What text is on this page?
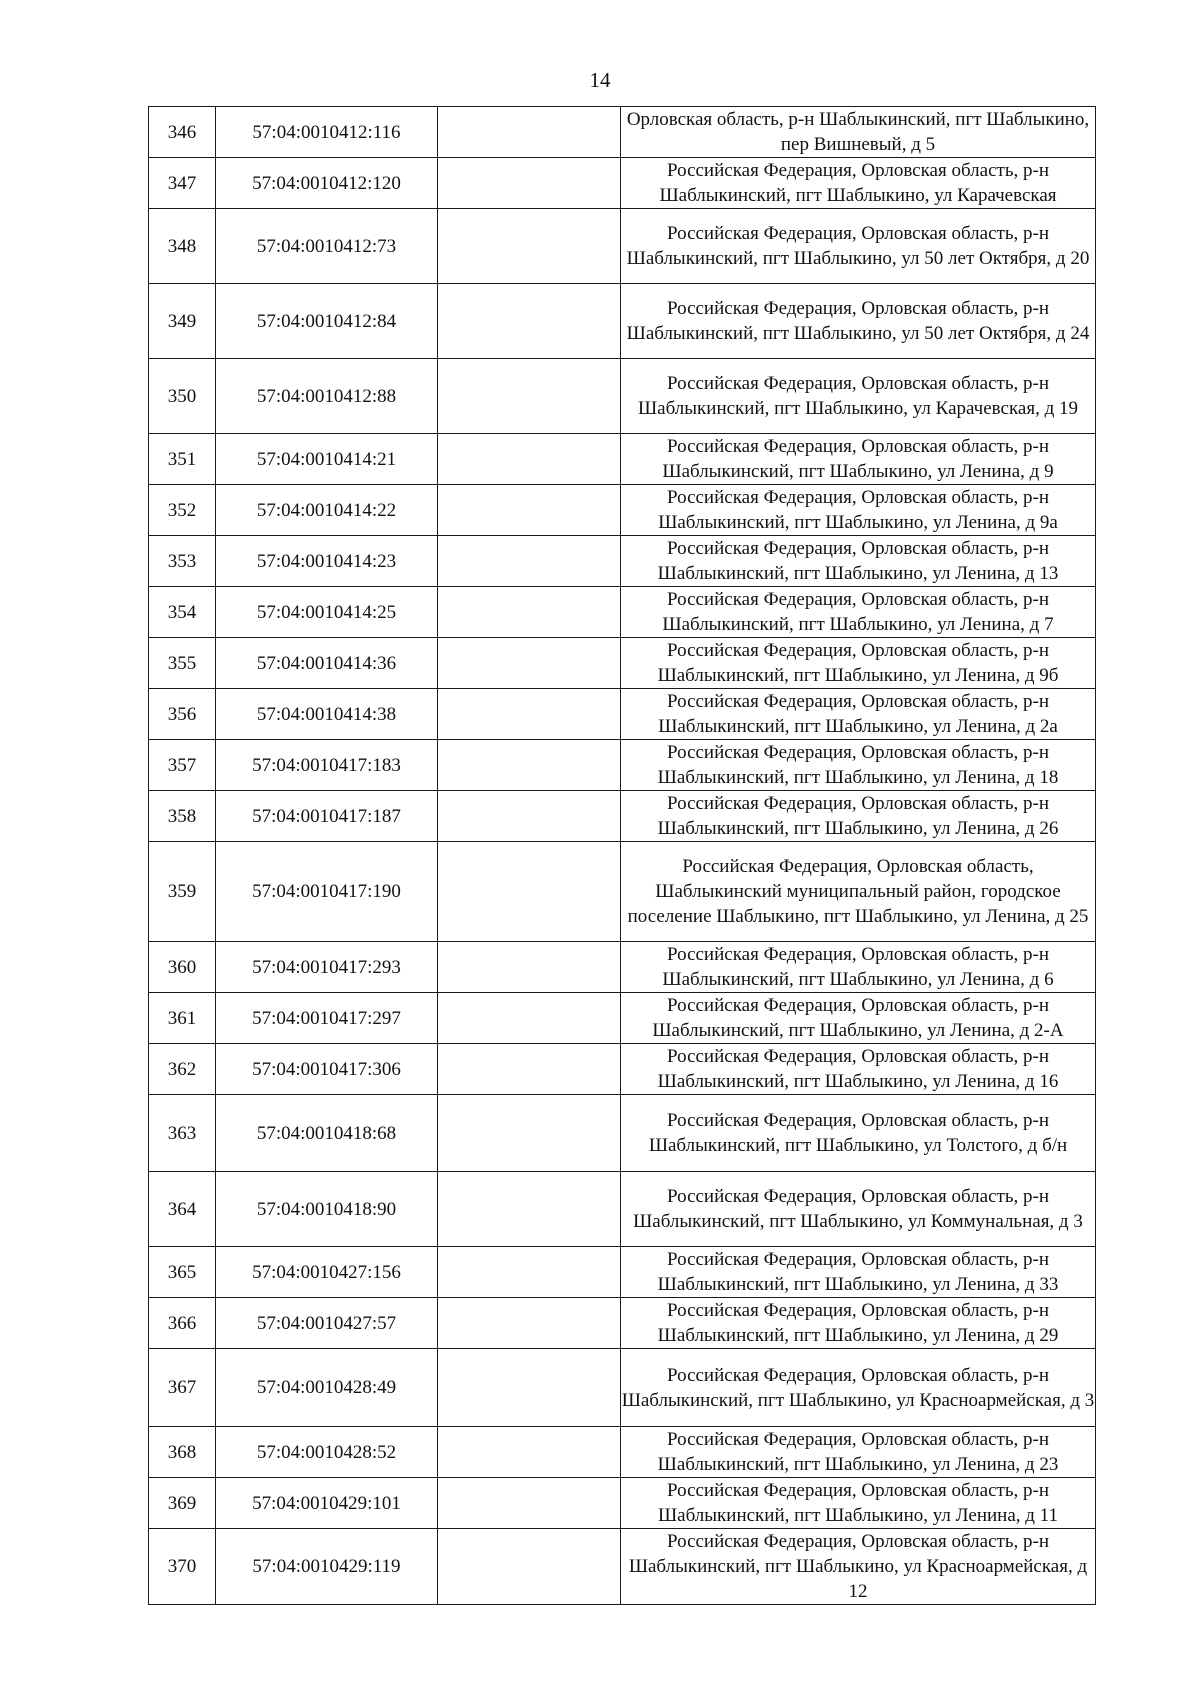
14
346	57:04:0010412:116		Орловская область, р-н Шаблыкинский, пгт Шаблыкино, пер Вишневый, д 5
347	57:04:0010412:120		Российская Федерация, Орловская область, р-н Шаблыкинский, пгт Шаблыкино, ул Карачевская
348	57:04:0010412:73		Российская Федерация, Орловская область, р-н Шаблыкинский, пгт Шаблыкино, ул 50 лет Октября, д 20
349	57:04:0010412:84		Российская Федерация, Орловская область, р-н Шаблыкинский, пгт Шаблыкино, ул 50 лет Октября, д 24
350	57:04:0010412:88		Российская Федерация, Орловская область, р-н Шаблыкинский, пгт Шаблыкино, ул Карачевская, д 19
351	57:04:0010414:21		Российская Федерация, Орловская область, р-н Шаблыкинский, пгт Шаблыкино, ул Ленина, д 9
352	57:04:0010414:22		Российская Федерация, Орловская область, р-н Шаблыкинский, пгт Шаблыкино, ул Ленина, д 9а
353	57:04:0010414:23		Российская Федерация, Орловская область, р-н Шаблыкинский, пгт Шаблыкино, ул Ленина, д 13
354	57:04:0010414:25		Российская Федерация, Орловская область, р-н Шаблыкинский, пгт Шаблыкино, ул Ленина, д 7
355	57:04:0010414:36		Российская Федерация, Орловская область, р-н Шаблыкинский, пгт Шаблыкино, ул Ленина, д 9б
356	57:04:0010414:38		Российская Федерация, Орловская область, р-н Шаблыкинский, пгт Шаблыкино, ул Ленина, д 2а
357	57:04:0010417:183		Российская Федерация, Орловская область, р-н Шаблыкинский, пгт Шаблыкино, ул Ленина, д 18
358	57:04:0010417:187		Российская Федерация, Орловская область, р-н Шаблыкинский, пгт Шаблыкино, ул Ленина, д 26
359	57:04:0010417:190		Российская Федерация, Орловская область, Шаблыкинский муниципальный район, городское поселение Шаблыкино, пгт Шаблыкино, ул Ленина, д 25
360	57:04:0010417:293		Российская Федерация, Орловская область, р-н Шаблыкинский, пгт Шаблыкино, ул Ленина, д 6
361	57:04:0010417:297		Российская Федерация, Орловская область, р-н Шаблыкинский, пгт Шаблыкино, ул Ленина, д 2-А
362	57:04:0010417:306		Российская Федерация, Орловская область, р-н Шаблыкинский, пгт Шаблыкино, ул Ленина, д 16
363	57:04:0010418:68		Российская Федерация, Орловская область, р-н Шаблыкинский, пгт Шаблыкино, ул Толстого, д б/н
364	57:04:0010418:90		Российская Федерация, Орловская область, р-н Шаблыкинский, пгт Шаблыкино, ул Коммунальная, д 3
365	57:04:0010427:156		Российская Федерация, Орловская область, р-н Шаблыкинский, пгт Шаблыкино, ул Ленина, д 33
366	57:04:0010427:57		Российская Федерация, Орловская область, р-н Шаблыкинский, пгт Шаблыкино, ул Ленина, д 29
367	57:04:0010428:49		Российская Федерация, Орловская область, р-н Шаблыкинский, пгт Шаблыкино, ул Красноармейская, д 3
368	57:04:0010428:52		Российская Федерация, Орловская область, р-н Шаблыкинский, пгт Шаблыкино, ул Ленина, д 23
369	57:04:0010429:101		Российская Федерация, Орловская область, р-н Шаблыкинский, пгт Шаблыкино, ул Ленина, д 11
370	57:04:0010429:119		Российская Федерация, Орловская область, р-н Шаблыкинский, пгт Шаблыкино, ул Красноармейская, д 12
